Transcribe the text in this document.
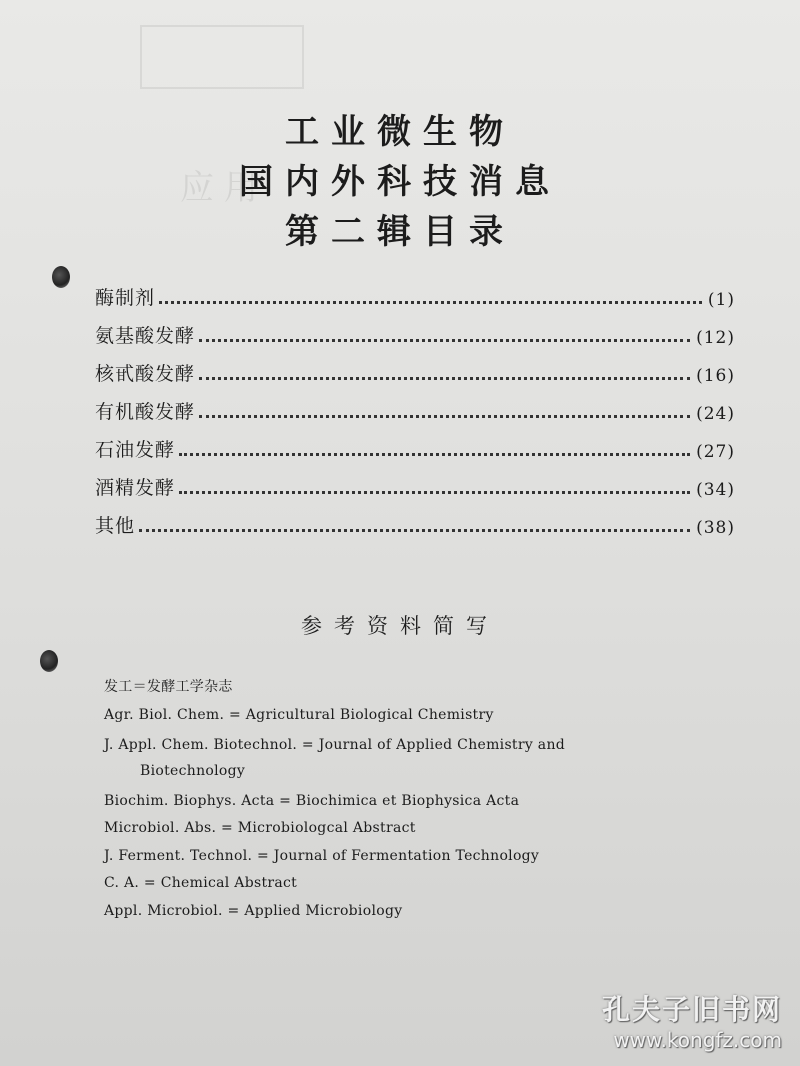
应用
工业微生物
国内外科技消息
第二辑目录
酶制剂	(1)
氨基酸发酵	(12)
核甙酸发酵	(16)
有机酸发酵	(24)
石油发酵	(27)
酒精发酵	(34)
其他	(38)
参考资料简写
发工＝发酵工学杂志
Agr. Biol. Chem. = Agricultural Biological Chemistry
J. Appl. Chem. Biotechnol. = Journal of Applied Chemistry and
Biotechnology
Biochim. Biophys. Acta = Biochimica et Biophysica Acta
Microbiol. Abs. = Microbiologcal Abstract
J. Ferment. Technol. = Journal of Fermentation Technology
C. A. = Chemical Abstract
Appl. Microbiol. = Applied Microbiology
孔夫子旧书网
www.kongfz.com
